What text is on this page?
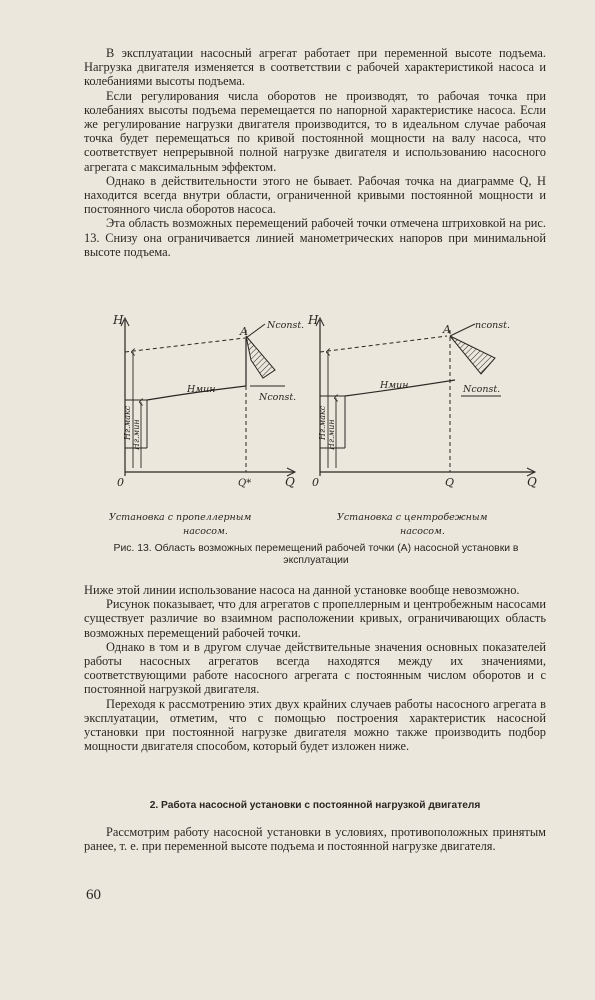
В эксплуатации насосный агрегат работает при переменной высоте подъема. Нагрузка двигателя изменяется в соответствии с рабочей характеристикой насоса и колебаниями высоты подъема.

Если регулирования числа оборотов не производят, то рабочая точка при колебаниях высоты подъема перемещается по напорной характеристике насоса. Если же регулирование нагрузки двигателя производится, то в идеальном случае рабочая точка будет перемещаться по кривой постоянной мощности на валу насоса, что соответствует непрерывной полной нагрузке двигателя и использованию насосного агрегата с максимальным эффектом.

Однако в действительности этого не бывает. Рабочая точка на диаграмме Q, H находится всегда внутри области, ограниченной кривыми постоянной мощности и постоянного числа оборотов насоса.

Эта область возможных перемещений рабочей точки отмечена штриховкой на рис. 13. Снизу она ограничивается линией манометрических напоров при минимальной высоте подъема.

H
Q
0
A Nconst.
Nconst.
Hмин
Q*
Hг.макс Hг.мин
Установка с пропеллерным
насосом.
H
Q
0
A	nconst.
Nconst.
Hмин
Q
Hг.макс Hг.мин
Установка с центробежным
насосом.
Рис. 13. Область возможных перемещений рабочей точки (A) насосной установки в эксплуатации

Ниже этой линии использование насоса на данной установке вообще невозможно.

Рисунок показывает, что для агрегатов с пропеллерным и центробежным насосами существует различие во взаимном расположении кривых, ограничивающих область возможных перемещений рабочей точки.

Однако в том и в другом случае действительные значения основных показателей работы насосных агрегатов всегда находятся между их значениями, соответствующими работе насосного агрегата с постоянным числом оборотов и с постоянной нагрузкой двигателя.

Переходя к рассмотрению этих двух крайних случаев работы насосного агрегата в эксплуатации, отметим, что с помощью построения характеристик насосной установки при постоянной нагрузке двигателя можно также производить подбор мощности двигателя способом, который будет изложен ниже.

2. Работа насосной установки с постоянной нагрузкой двигателя

Рассмотрим работу насосной установки в условиях, противоположных принятым ранее, т. е. при переменной высоте подъема и постоянной нагрузке двигателя.

60
